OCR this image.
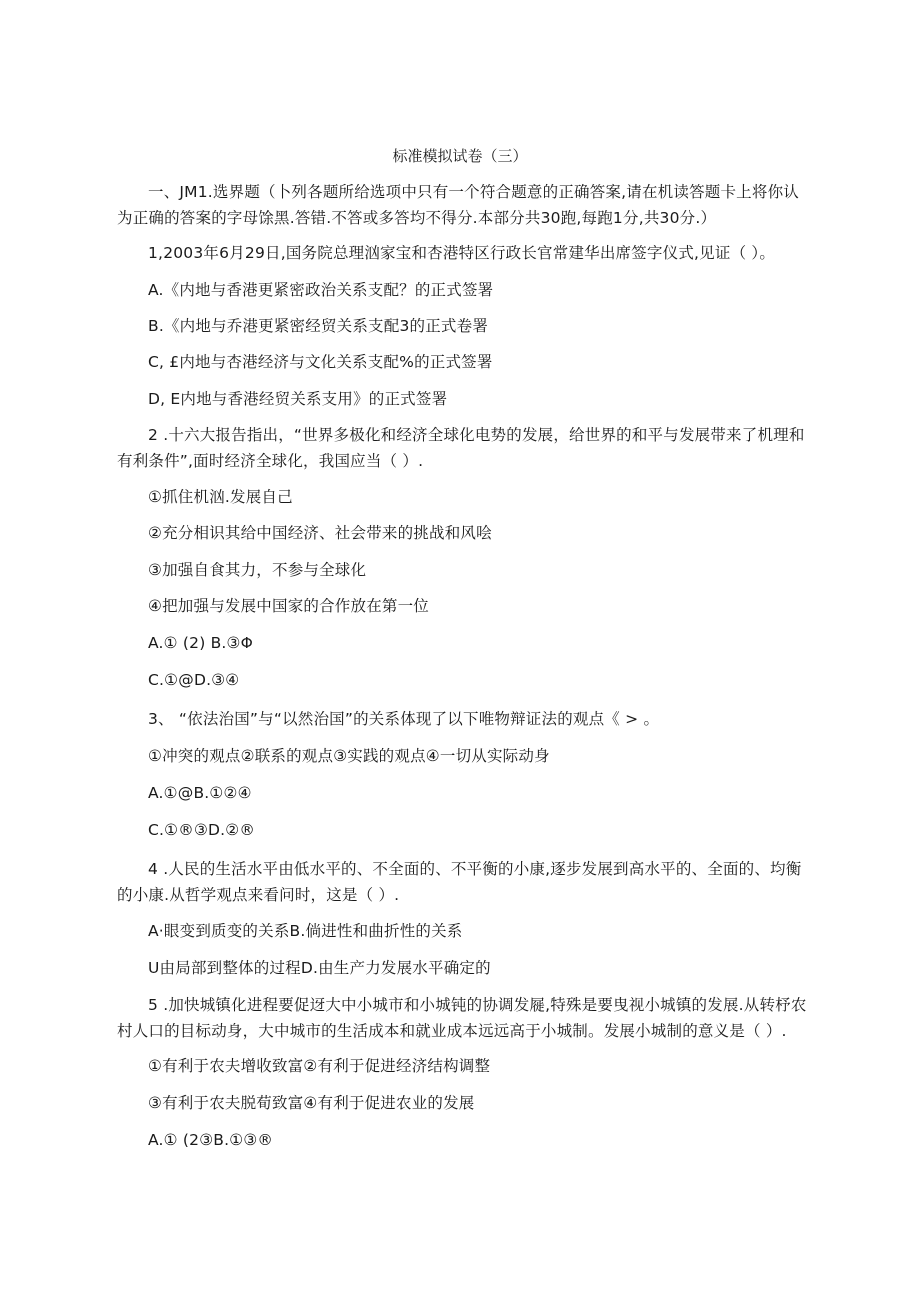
标准模拟试卷（三）
一、JM1.选界题（卜列各题所给选项中只有一个符合题意的正确答案,请在机读答题卡上将你认
为正确的答案的字母馀黑.答错.不答或多答均不得分.本部分共30跑,每跑1分,共30分.）
1,2003年6月29日,国务院总理汹家宝和杏港特区行政长官常建华出席签字仪式,见证（ ）。
A.《内地与香港更紧密政治关系支配？的正式签署
B.《内地与乔港更紧密经贸关系支配3的正式卷署
C, £内地与杏港经济与文化关系支配%的正式签署
D, E内地与香港经贸关系支用》的正式签署
2 .十六大报告指出，“世界多极化和经济全球化电势的发展，给世界的和平与发展带来了机理和
有利条件”,面时经济全球化，我国应当（ ）.
①抓住机汹.发展自己
②充分相识其给中国经济、社会带来的挑战和风哙
③加强自食其力，不参与全球化
④把加强与发展中国家的合作放在第一位
A.① (2) B.③Φ
C.①@D.③④
3、 “依法治国”与“以然治国”的关系体现了以下唯物辩证法的观点《 > 。
①冲突的观点②联系的观点③实践的观点④一切从实际动身
A.①@B.①②④
C.①®③D.②®
4 .人民的生活水平由低水平的、不全面的、不平衡的小康,逐步发展到高水平的、全面的、均衡
的小康.从哲学观点来看问时，这是（ ）.
A·眼变到质变的关系B.倘进性和曲折性的关系
U由局部到整体的过程D.由生产力发展水平确定的
5 .加快城镇化进程要促迓大中小城市和小城钝的协调发屣,特殊是要曳视小城镇的发展.从转杼农
村人口的目标动身，大中城市的生活成本和就业成本远远高于小城制。发展小城制的意义是（ ）.
①有利于农夫增收致富②有利于促进经济结构调整
③有利于农夫脱荀致富④有利于促进农业的发展
A.① (2③B.①③®
